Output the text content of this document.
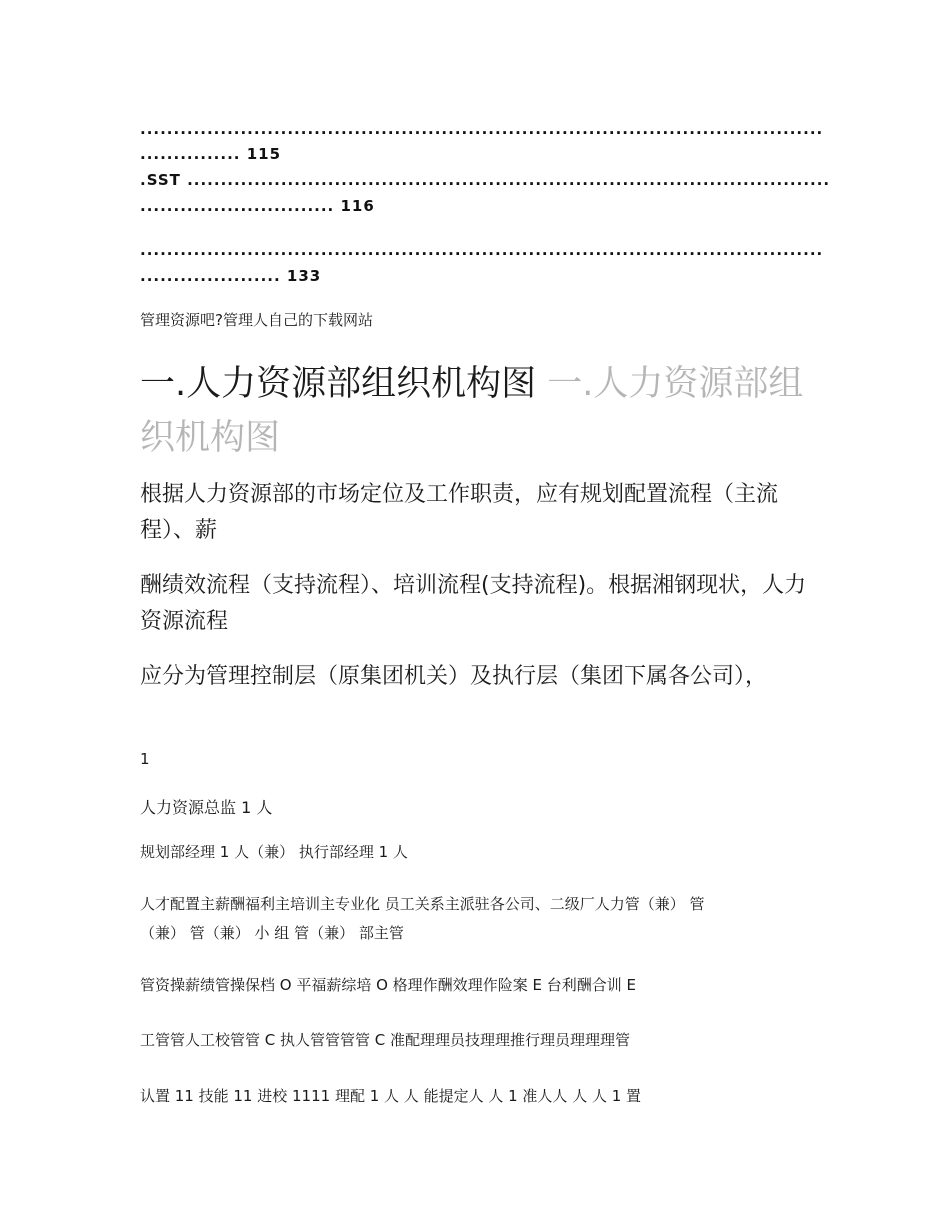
......................................................................................................
............... 115
.SST ................................................................................................
............................. 116
......................................................................................................
..................... 133
管理资源吧?管理人自己的下载网站
一.人力资源部组织机构图 一.人力资源部组织机构图
根据人力资源部的市场定位及工作职责，应有规划配置流程（主流程）、薪
酬绩效流程（支持流程）、培训流程(支持流程)。根据湘钢现状，人力资源流程
应分为管理控制层（原集团机关）及执行层（集团下属各公司），
1
人力资源总监 1 人
规划部经理 1 人（兼） 执行部经理 1 人
人才配置主薪酬福利主培训主专业化 员工关系主派驻各公司、二级厂人力管（兼） 管
（兼） 管（兼） 小 组 管（兼） 部主管
管资操薪绩管操保档 O 平福薪综培 O 格理作酬效理作险案 E 台利酬合训 E
工管管人工校管管 C 执人管管管管 C 准配理理员技理理推行理员理理理管
认置 11 技能 11 进校 1111 理配 1 人 人 能提定人 人 1 准人人 人 人 1 置
